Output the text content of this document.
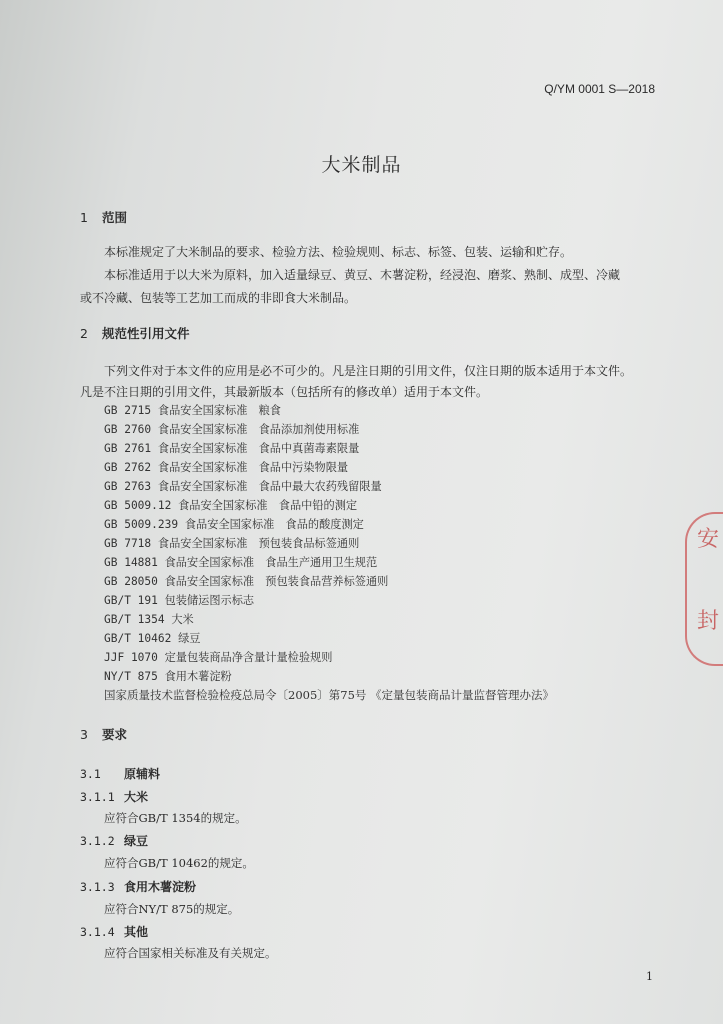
Q/YM 0001 S—2018
大米制品
1 范围
本标准规定了大米制品的要求、检验方法、检验规则、标志、标签、包装、运输和贮存。
本标准适用于以大米为原料，加入适量绿豆、黄豆、木薯淀粉，经浸泡、磨浆、熟制、成型、冷藏
或不冷藏、包装等工艺加工而成的非即食大米制品。
2 规范性引用文件
下列文件对于本文件的应用是必不可少的。凡是注日期的引用文件，仅注日期的版本适用于本文件。
凡是不注日期的引用文件，其最新版本（包括所有的修改单）适用于本文件。
GB 2715 食品安全国家标准　粮食
GB 2760 食品安全国家标准　食品添加剂使用标准
GB 2761 食品安全国家标准　食品中真菌毒素限量
GB 2762 食品安全国家标准　食品中污染物限量
GB 2763 食品安全国家标准　食品中最大农药残留限量
GB 5009.12 食品安全国家标准　食品中铅的测定
GB 5009.239 食品安全国家标准　食品的酸度测定
GB 7718 食品安全国家标准　预包装食品标签通则
GB 14881 食品安全国家标准　食品生产通用卫生规范
GB 28050 食品安全国家标准　预包装食品营养标签通则
GB/T 191 包装储运图示标志
GB/T 1354 大米
GB/T 10462 绿豆
JJF 1070 定量包装商品净含量计量检验规则
NY/T 875 食用木薯淀粉
国家质量技术监督检验检疫总局令〔2005〕第75号 《定量包装商品计量监督管理办法》
3 要求
3.1 原辅料
3.1.1 大米
应符合GB/T 1354的规定。
3.1.2 绿豆
应符合GB/T 10462的规定。
3.1.3 食用木薯淀粉
应符合NY/T 875的规定。
3.1.4 其他
应符合国家相关标准及有关规定。
1
安
封
